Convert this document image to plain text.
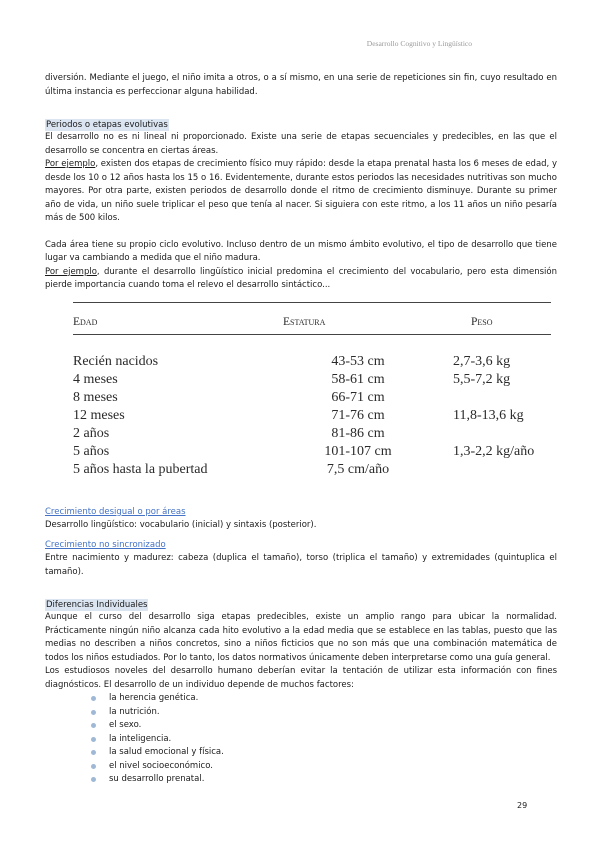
Desarrollo Cognitivo y Lingüístico

diversión. Mediante el juego, el niño imita a otros, o a sí mismo, en una serie de repeticiones sin fin, cuyo resultado en última instancia es perfeccionar alguna habilidad.

Periodos o etapas evolutivas

El desarrollo no es ni lineal ni proporcionado. Existe una serie de etapas secuenciales y predecibles, en las que el desarrollo se concentra en ciertas áreas.

Por ejemplo, existen dos etapas de crecimiento físico muy rápido: desde la etapa prenatal hasta los 6 meses de edad, y desde los 10 o 12 años hasta los 15 o 16. Evidentemente, durante estos periodos las necesidades nutritivas son mucho mayores. Por otra parte, existen periodos de desarrollo donde el ritmo de crecimiento disminuye. Durante su primer año de vida, un niño suele triplicar el peso que tenía al nacer. Si siguiera con este ritmo, a los 11 años un niño pesaría más de 500 kilos.

Cada área tiene su propio ciclo evolutivo. Incluso dentro de un mismo ámbito evolutivo, el tipo de desarrollo que tiene lugar va cambiando a medida que el niño madura.

Por ejemplo, durante el desarrollo lingüístico inicial predomina el crecimiento del vocabulario, pero esta dimensión pierde importancia cuando toma el relevo el desarrollo sintáctico...

Edad	Estatura	Peso
Recién nacidos	43-53 cm	2,7-3,6 kg
4 meses	58-61 cm	5,5-7,2 kg
8 meses	66-71 cm	
12 meses	71-76 cm	11,8-13,6 kg
2 años	81-86 cm	
5 años	101-107 cm	1,3-2,2 kg/año
5 años hasta la pubertad	7,5 cm/año	
Crecimiento desigual o por áreas

Desarrollo lingüístico: vocabulario (inicial) y sintaxis (posterior).

Crecimiento no sincronizado

Entre nacimiento y madurez: cabeza (duplica el tamaño), torso (triplica el tamaño) y extremidades (quintuplica el tamaño).

Diferencias Individuales

Aunque el curso del desarrollo siga etapas predecibles, existe un amplio rango para ubicar la normalidad. Prácticamente ningún niño alcanza cada hito evolutivo a la edad media que se establece en las tablas, puesto que las medias no describen a niños concretos, sino a niños ficticios que no son más que una combinación matemática de todos los niños estudiados. Por lo tanto, los datos normativos únicamente deben interpretarse como una guía general.

Los estudiosos noveles del desarrollo humano deberían evitar la tentación de utilizar esta información con fines diagnósticos. El desarrollo de un individuo depende de muchos factores:

la herencia genética.
la nutrición.
el sexo.
la inteligencia.
la salud emocional y física.
el nivel socioeconómico.
su desarrollo prenatal.
29
